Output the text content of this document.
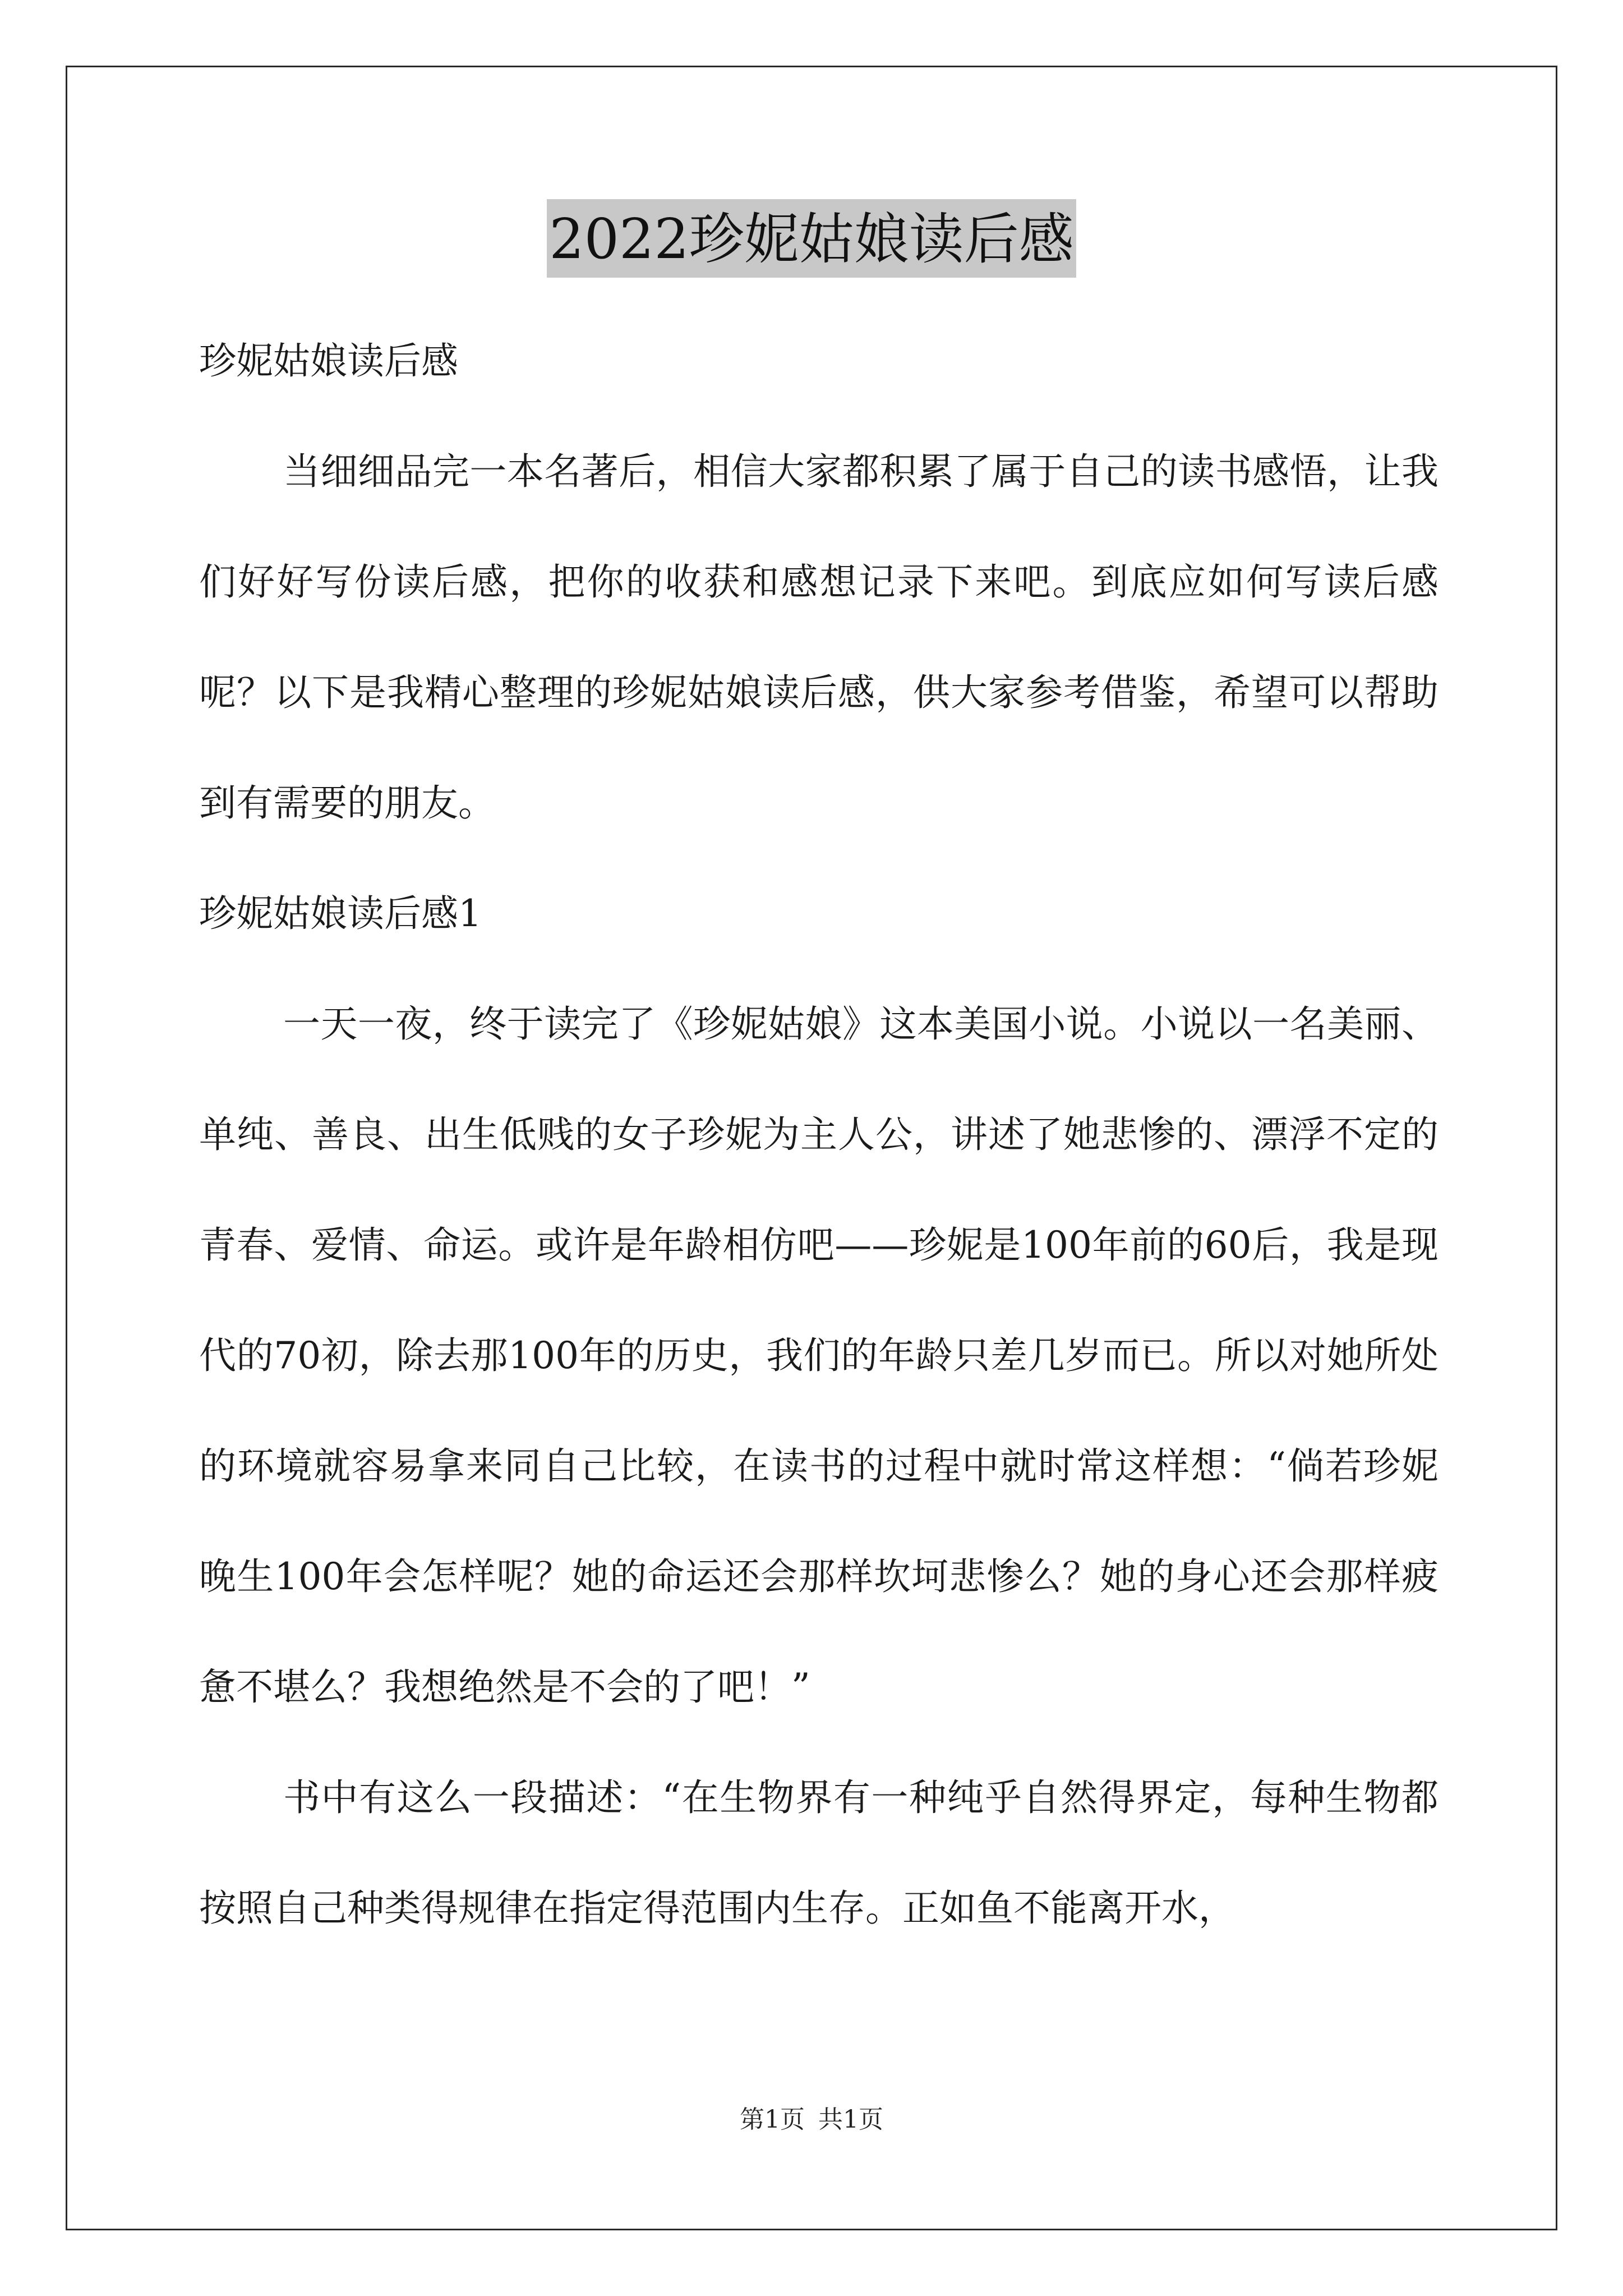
2022珍妮姑娘读后感

珍妮姑娘读后感

当细细品完一本名著后，相信大家都积累了属于自己的读书感悟，让我们好好写份读后感，把你的收获和感想记录下来吧。到底应如何写读后感呢？以下是我精心整理的珍妮姑娘读后感，供大家参考借鉴，希望可以帮助到有需要的朋友。

珍妮姑娘读后感1

一天一夜，终于读完了《珍妮姑娘》这本美国小说。小说以一名美丽、单纯、善良、出生低贱的女子珍妮为主人公，讲述了她悲惨的、漂浮不定的青春、爱情、命运。或许是年龄相仿吧——珍妮是100年前的60后，我是现代的70初，除去那100年的历史，我们的年龄只差几岁而已。所以对她所处的环境就容易拿来同自己比较，在读书的过程中就时常这样想：“倘若珍妮晚生100年会怎样呢？她的命运还会那样坎坷悲惨么？她的身心还会那样疲惫不堪么？我想绝然是不会的了吧！”

书中有这么一段描述：“在生物界有一种纯乎自然得界定，每种生物都按照自己种类得规律在指定得范围内生存。正如鱼不能离开水，

第1页 共1页
